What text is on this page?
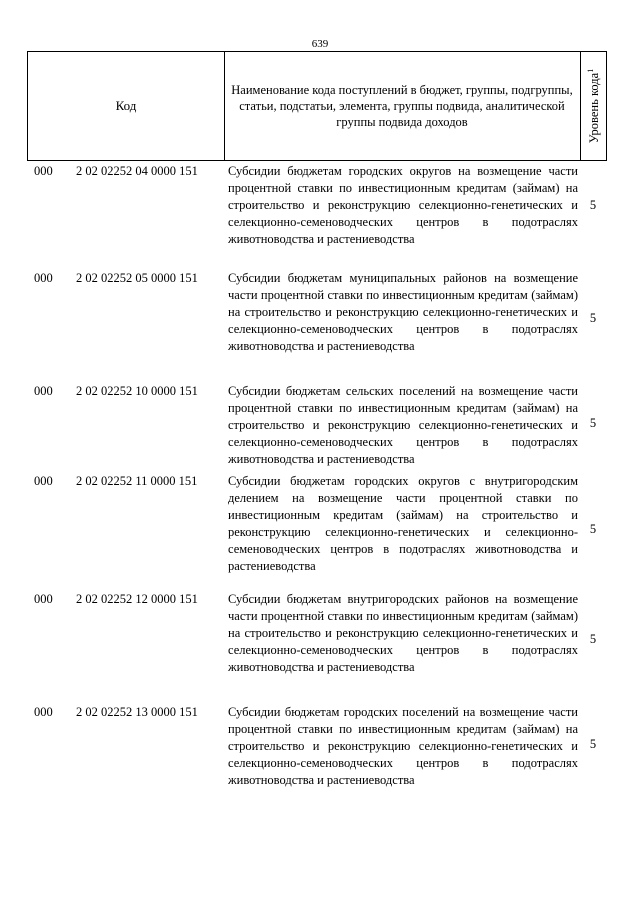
639
Код
Наименование кода поступлений в бюджет, группы, подгруппы, статьи, подстатьи, элемента, группы подвида, аналитической группы подвида доходов	Уровень кода$^1$
000 2 02 02252 04 0000 151 Субсидии бюджетам городских округов на возмещение части процентной ставки по инвестиционным кредитам (займам) на строительство и реконструкцию селекционно-генетических и селекционно-семеноводческих центров в подотраслях животноводства и растениеводства
5
000 2 02 02252 05 0000 151 Субсидии бюджетам муниципальных районов на возмещение части процентной ставки по инвестиционным кредитам (займам) на строительство и реконструкцию селекционно-генетических и селекционно-семеноводческих центров в подотраслях животноводства и растениеводства
5
000 2 02 02252 10 0000 151 Субсидии бюджетам сельских поселений на возмещение части процентной ставки по инвестиционным кредитам (займам) на строительство и реконструкцию селекционно-генетических и селекционно-семеноводческих центров в подотраслях животноводства и растениеводства
5
000 2 02 02252 11 0000 151 Субсидии бюджетам городских округов с внутригородским делением на возмещение части процентной ставки по инвестиционным кредитам (займам) на строительство и реконструкцию селекционно-генетических и селекционно-семеноводческих центров в подотраслях животноводства и растениеводства
5
000 2 02 02252 12 0000 151 Субсидии бюджетам внутригородских районов на возмещение части процентной ставки по инвестиционным кредитам (займам) на строительство и реконструкцию селекционно-генетических и селекционно-семеноводческих центров в подотраслях животноводства и растениеводства
5
000 2 02 02252 13 0000 151 Субсидии бюджетам городских поселений на возмещение части процентной ставки по инвестиционным кредитам (займам) на строительство и реконструкцию селекционно-генетических и селекционно-семеноводческих центров в подотраслях животноводства и растениеводства
5
